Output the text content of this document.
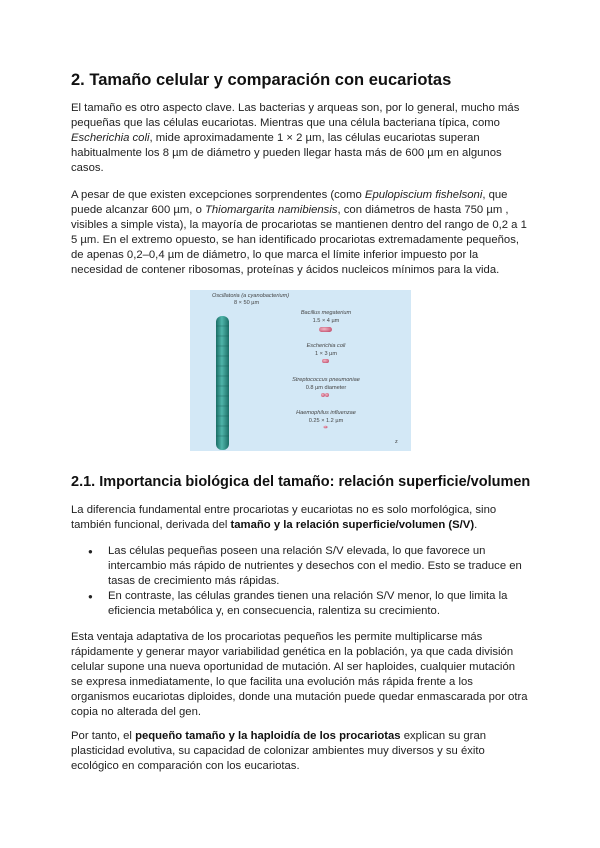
2. Tamaño celular y comparación con eucariotas

El tamaño es otro aspecto clave. Las bacterias y arqueas son, por lo general, mucho más pequeñas que las células eucariotas. Mientras que una célula bacteriana típica, como Escherichia coli, mide aproximadamente 1 × 2 µm, las células eucariotas superan habitualmente los 8 µm de diámetro y pueden llegar hasta más de 600 µm en algunos casos.

A pesar de que existen excepciones sorprendentes (como Epulopiscium fishelsoni, que puede alcanzar 600 µm, o Thiomargarita namibiensis, con diámetros de hasta 750 µm , visibles a simple vista), la mayoría de procariotas se mantienen dentro del rango de 0,2 a 1 5 µm. En el extremo opuesto, se han identificado procariotas extremadamente pequeños, de apenas 0,2–0,4 µm de diámetro, lo que marca el límite inferior impuesto por la necesidad de contener ribosomas, proteínas y ácidos nucleicos mínimos para la vida.

Oscillatoria (a cyanobacterium)
8 × 50 µm
Bacillus megaterium
1.5 × 4 µm
Escherichia coli
1 × 3 µm
Streptococcus pneumoniae
0.8 µm diameter
Haemophilus influenzae
0.25 × 1.2 µm
z
2.1. Importancia biológica del tamaño: relación superficie/volumen

La diferencia fundamental entre procariotas y eucariotas no es solo morfológica, sino también funcional, derivada del tamaño y la relación superficie/volumen (S/V).

● Las células pequeñas poseen una relación S/V elevada, lo que favorece un intercambio más rápido de nutrientes y desechos con el medio. Esto se traduce en tasas de crecimiento más rápidas.
● En contraste, las células grandes tienen una relación S/V menor, lo que limita la eficiencia metabólica y, en consecuencia, ralentiza su crecimiento.

Esta ventaja adaptativa de los procariotas pequeños les permite multiplicarse más rápidamente y generar mayor variabilidad genética en la población, ya que cada división celular supone una nueva oportunidad de mutación. Al ser haploides, cualquier mutación se expresa inmediatamente, lo que facilita una evolución más rápida frente a los organismos eucariotas diploides, donde una mutación puede quedar enmascarada por otra copia no alterada del gen.

Por tanto, el pequeño tamaño y la haploidía de los procariotas explican su gran plasticidad evolutiva, su capacidad de colonizar ambientes muy diversos y su éxito ecológico en comparación con los eucariotas.
